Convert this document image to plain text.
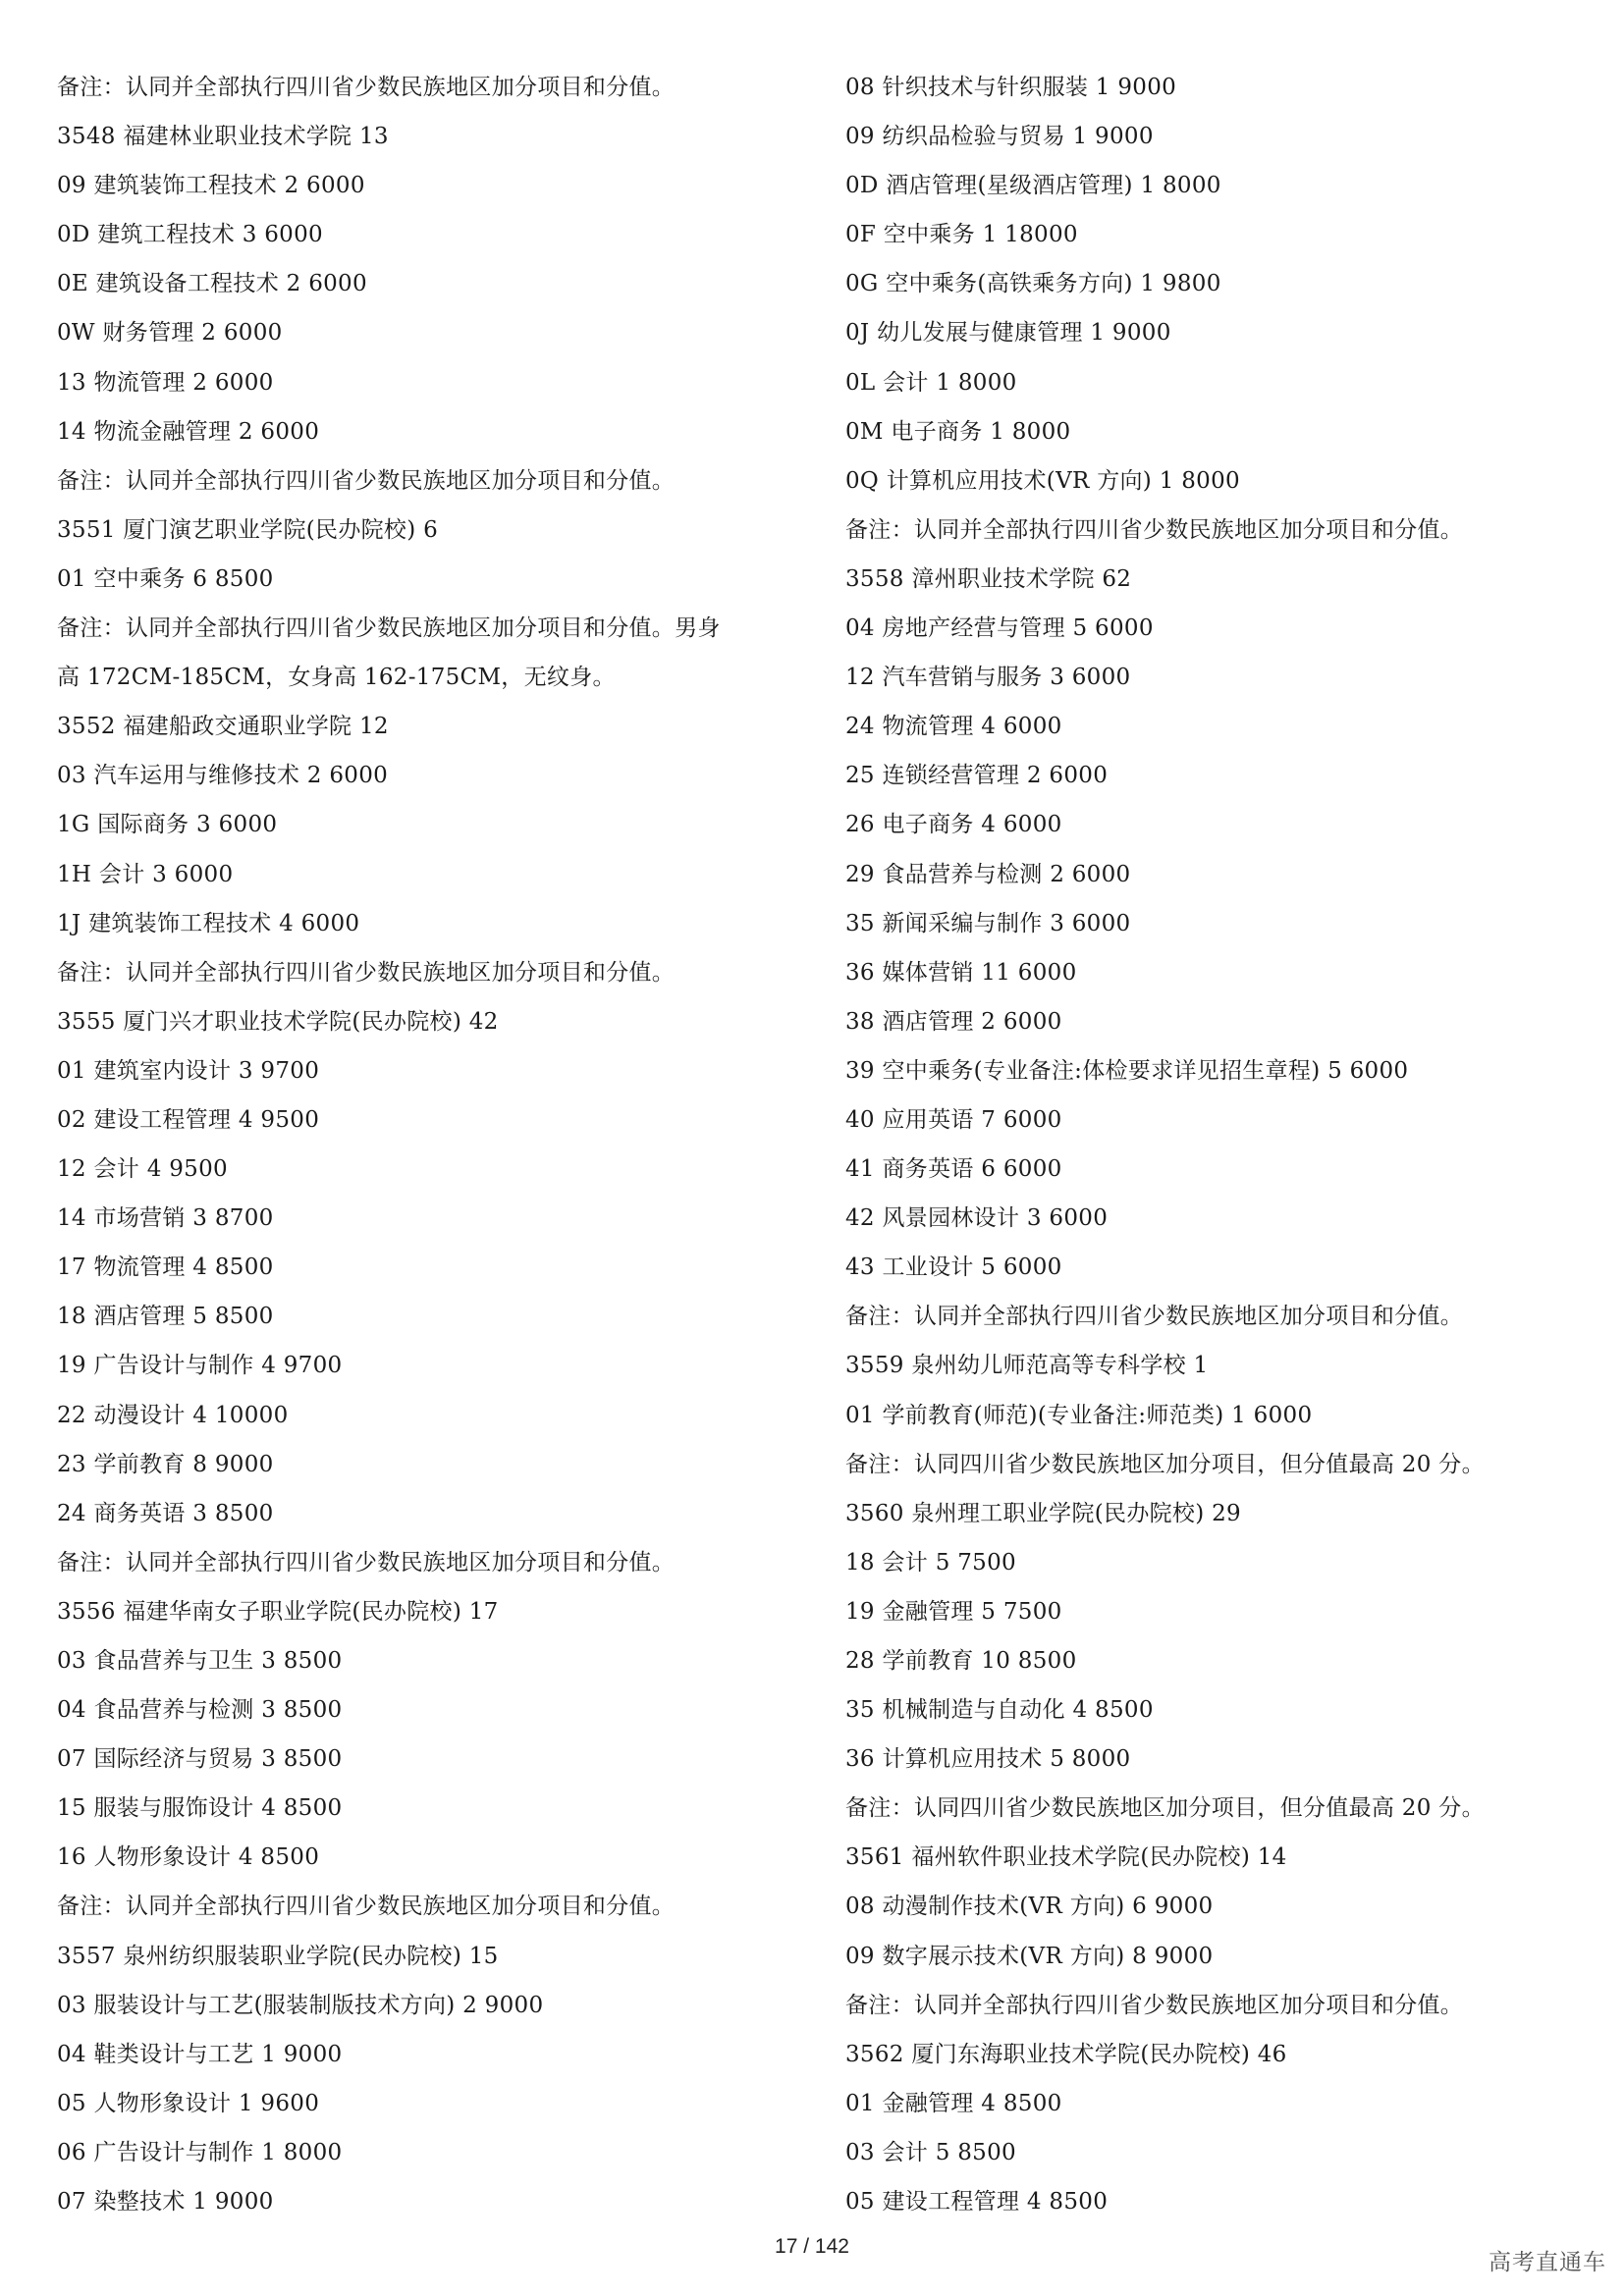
备注：认同并全部执行四川省少数民族地区加分项目和分值。
3548 福建林业职业技术学院 13
09 建筑装饰工程技术 2 6000
0D 建筑工程技术 3 6000
0E 建筑设备工程技术 2 6000
0W 财务管理 2 6000
13 物流管理 2 6000
14 物流金融管理 2 6000
备注：认同并全部执行四川省少数民族地区加分项目和分值。
3551 厦门演艺职业学院(民办院校) 6
01 空中乘务 6 8500
备注：认同并全部执行四川省少数民族地区加分项目和分值。男身
高 172CM-185CM，女身高 162-175CM，无纹身。
3552 福建船政交通职业学院 12
03 汽车运用与维修技术 2 6000
1G 国际商务 3 6000
1H 会计 3 6000
1J 建筑装饰工程技术 4 6000
备注：认同并全部执行四川省少数民族地区加分项目和分值。
3555 厦门兴才职业技术学院(民办院校) 42
01 建筑室内设计 3 9700
02 建设工程管理 4 9500
12 会计 4 9500
14 市场营销 3 8700
17 物流管理 4 8500
18 酒店管理 5 8500
19 广告设计与制作 4 9700
22 动漫设计 4 10000
23 学前教育 8 9000
24 商务英语 3 8500
备注：认同并全部执行四川省少数民族地区加分项目和分值。
3556 福建华南女子职业学院(民办院校) 17
03 食品营养与卫生 3 8500
04 食品营养与检测 3 8500
07 国际经济与贸易 3 8500
15 服装与服饰设计 4 8500
16 人物形象设计 4 8500
备注：认同并全部执行四川省少数民族地区加分项目和分值。
3557 泉州纺织服装职业学院(民办院校) 15
03 服装设计与工艺(服装制版技术方向) 2 9000
04 鞋类设计与工艺 1 9000
05 人物形象设计 1 9600
06 广告设计与制作 1 8000
07 染整技术 1 9000
08 针织技术与针织服装 1 9000
09 纺织品检验与贸易 1 9000
0D 酒店管理(星级酒店管理) 1 8000
0F 空中乘务 1 18000
0G 空中乘务(高铁乘务方向) 1 9800
0J 幼儿发展与健康管理 1 9000
0L 会计 1 8000
0M 电子商务 1 8000
0Q 计算机应用技术(VR 方向) 1 8000
备注：认同并全部执行四川省少数民族地区加分项目和分值。
3558 漳州职业技术学院 62
04 房地产经营与管理 5 6000
12 汽车营销与服务 3 6000
24 物流管理 4 6000
25 连锁经营管理 2 6000
26 电子商务 4 6000
29 食品营养与检测 2 6000
35 新闻采编与制作 3 6000
36 媒体营销 11 6000
38 酒店管理 2 6000
39 空中乘务(专业备注:体检要求详见招生章程) 5 6000
40 应用英语 7 6000
41 商务英语 6 6000
42 风景园林设计 3 6000
43 工业设计 5 6000
备注：认同并全部执行四川省少数民族地区加分项目和分值。
3559 泉州幼儿师范高等专科学校 1
01 学前教育(师范)(专业备注:师范类) 1 6000
备注：认同四川省少数民族地区加分项目，但分值最高 20 分。
3560 泉州理工职业学院(民办院校) 29
18 会计 5 7500
19 金融管理 5 7500
28 学前教育 10 8500
35 机械制造与自动化 4 8500
36 计算机应用技术 5 8000
备注：认同四川省少数民族地区加分项目，但分值最高 20 分。
3561 福州软件职业技术学院(民办院校) 14
08 动漫制作技术(VR 方向) 6 9000
09 数字展示技术(VR 方向) 8 9000
备注：认同并全部执行四川省少数民族地区加分项目和分值。
3562 厦门东海职业技术学院(民办院校) 46
01 金融管理 4 8500
03 会计 5 8500
05 建设工程管理 4 8500
17 / 142
高考直通车
